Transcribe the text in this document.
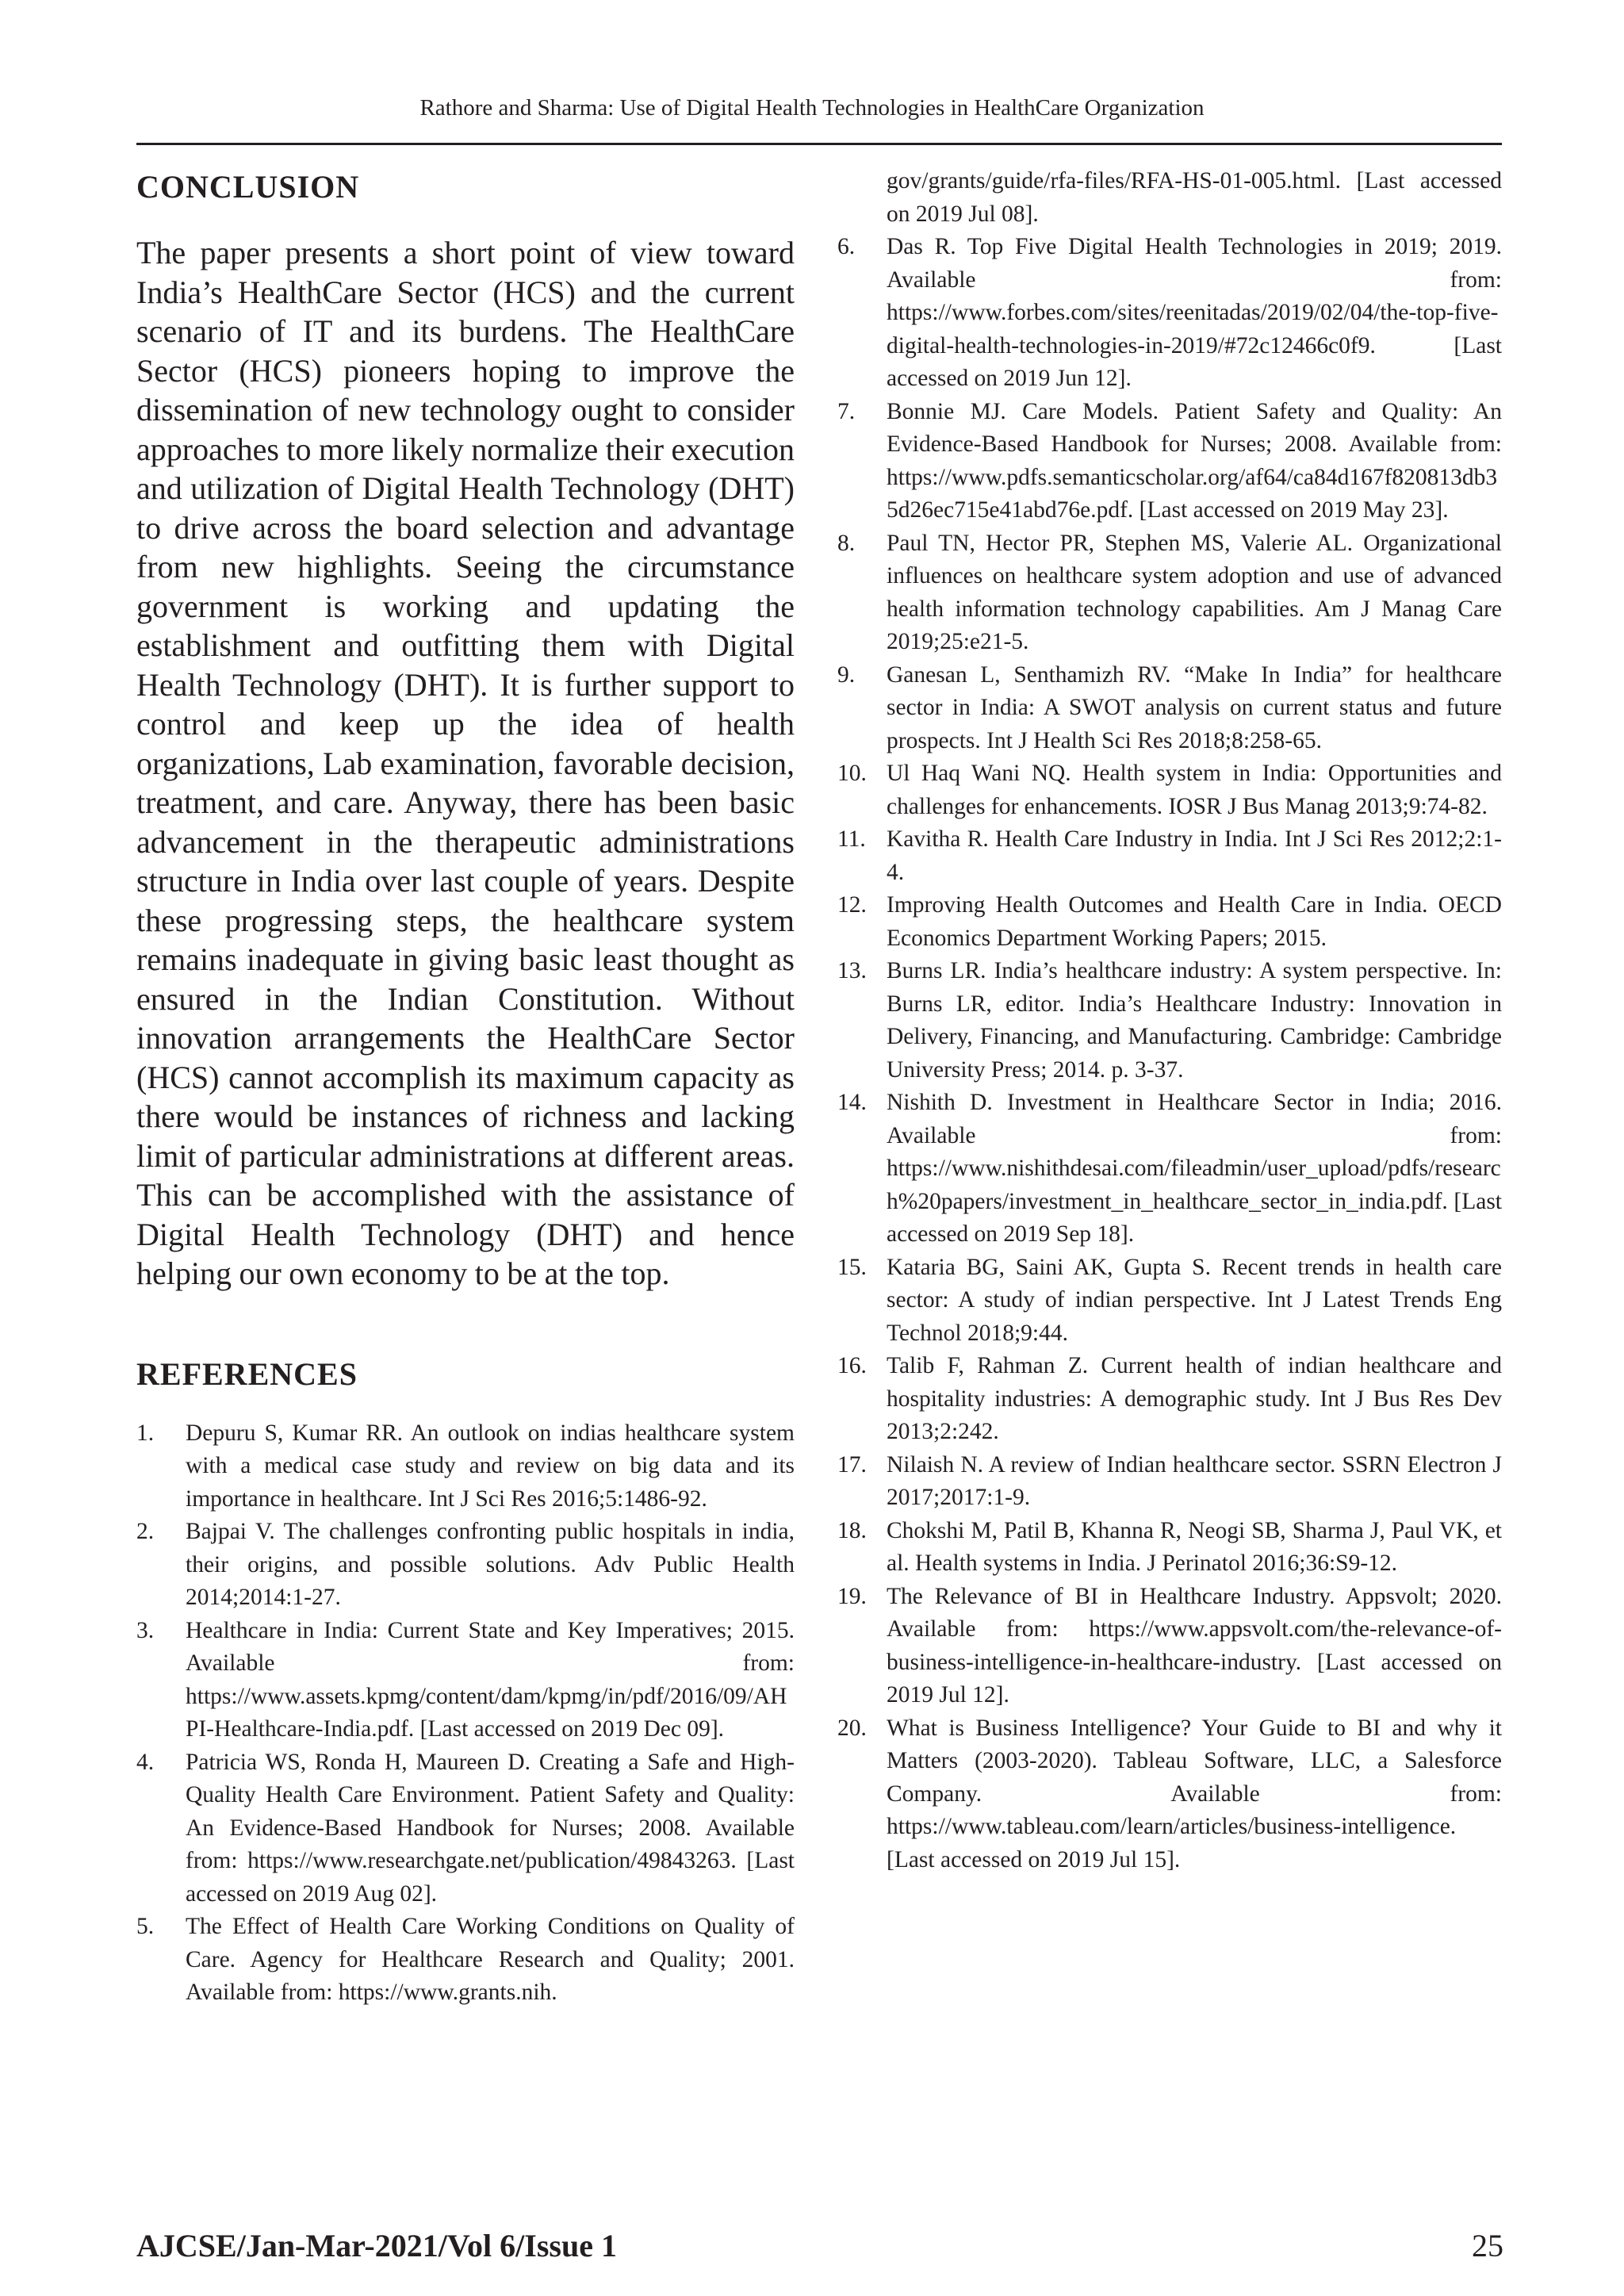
Rathore and Sharma: Use of Digital Health Technologies in HealthCare Organization
CONCLUSION

The paper presents a short point of view toward India’s HealthCare Sector (HCS) and the current scenario of IT and its burdens. The HealthCare Sector (HCS) pioneers hoping to improve the dissemination of new technology ought to consider approaches to more likely normalize their execution and utilization of Digital Health Technology (DHT) to drive across the board selection and advantage from new highlights. Seeing the circumstance government is working and updating the establishment and outfitting them with Digital Health Technology (DHT). It is further support to control and keep up the idea of health organizations, Lab examination, favorable decision, treatment, and care. Anyway, there has been basic advancement in the therapeutic administrations structure in India over last couple of years. Despite these progressing steps, the healthcare system remains inadequate in giving basic least thought as ensured in the Indian Constitution. Without innovation arrangements the HealthCare Sector (HCS) cannot accomplish its maximum capacity as there would be instances of richness and lacking limit of particular administrations at different areas. This can be accomplished with the assistance of Digital Health Technology (DHT) and hence helping our own economy to be at the top.

REFERENCES
1. Depuru S, Kumar RR. An outlook on indias healthcare system with a medical case study and review on big data and its importance in healthcare. Int J Sci Res 2016;5:1486-92.
2. Bajpai V. The challenges confronting public hospitals in india, their origins, and possible solutions. Adv Public Health 2014;2014:1-27.
3. Healthcare in India: Current State and Key Imperatives; 2015. Available from: https://www.assets.kpmg/content/dam/kpmg/in/pdf/2016/09/AHPI-Healthcare-India.pdf. [Last accessed on 2019 Dec 09].
4. Patricia WS, Ronda H, Maureen D. Creating a Safe and High-Quality Health Care Environment. Patient Safety and Quality: An Evidence-Based Handbook for Nurses; 2008. Available from: https://www.researchgate.net/publication/49843263. [Last accessed on 2019 Aug 02].
5. The Effect of Health Care Working Conditions on Quality of Care. Agency for Healthcare Research and Quality; 2001. Available from: https://www.grants.nih.
gov/grants/guide/rfa-files/RFA-HS-01-005.html. [Last accessed on 2019 Jul 08].
6. Das R. Top Five Digital Health Technologies in 2019; 2019. Available from: https://www.forbes.com/sites/reenitadas/2019/02/04/the-top-five-digital-health-technologies-in-2019/#72c12466c0f9. [Last accessed on 2019 Jun 12].
7. Bonnie MJ. Care Models. Patient Safety and Quality: An Evidence-Based Handbook for Nurses; 2008. Available from: https://www.pdfs.semanticscholar.org/af64/ca84d167f820813db35d26ec715e41abd76e.pdf. [Last accessed on 2019 May 23].
8. Paul TN, Hector PR, Stephen MS, Valerie AL. Organizational influences on healthcare system adoption and use of advanced health information technology capabilities. Am J Manag Care 2019;25:e21-5.
9. Ganesan L, Senthamizh RV. “Make In India” for healthcare sector in India: A SWOT analysis on current status and future prospects. Int J Health Sci Res 2018;8:258-65.
10. Ul Haq Wani NQ. Health system in India: Opportunities and challenges for enhancements. IOSR J Bus Manag 2013;9:74-82.
11. Kavitha R. Health Care Industry in India. Int J Sci Res 2012;2:1-4.
12. Improving Health Outcomes and Health Care in India. OECD Economics Department Working Papers; 2015.
13. Burns LR. India’s healthcare industry: A system perspective. In: Burns LR, editor. India’s Healthcare Industry: Innovation in Delivery, Financing, and Manufacturing. Cambridge: Cambridge University Press; 2014. p. 3-37.
14. Nishith D. Investment in Healthcare Sector in India; 2016. Available from: https://www.nishithdesai.com/fileadmin/user_upload/pdfs/research%20papers/investment_in_healthcare_sector_in_india.pdf. [Last accessed on 2019 Sep 18].
15. Kataria BG, Saini AK, Gupta S. Recent trends in health care sector: A study of indian perspective. Int J Latest Trends Eng Technol 2018;9:44.
16. Talib F, Rahman Z. Current health of indian healthcare and hospitality industries: A demographic study. Int J Bus Res Dev 2013;2:242.
17. Nilaish N. A review of Indian healthcare sector. SSRN Electron J 2017;2017:1-9.
18. Chokshi M, Patil B, Khanna R, Neogi SB, Sharma J, Paul VK, et al. Health systems in India. J Perinatol 2016;36:S9-12.
19. The Relevance of BI in Healthcare Industry. Appsvolt; 2020. Available from: https://www.appsvolt.com/the-relevance-of-business-intelligence-in-healthcare-industry. [Last accessed on 2019 Jul 12].
20. What is Business Intelligence? Your Guide to BI and why it Matters (2003-2020). Tableau Software, LLC, a Salesforce Company. Available from: https://www.tableau.com/learn/articles/business-intelligence. [Last accessed on 2019 Jul 15].
AJCSE/Jan-Mar-2021/Vol 6/Issue 1	25
